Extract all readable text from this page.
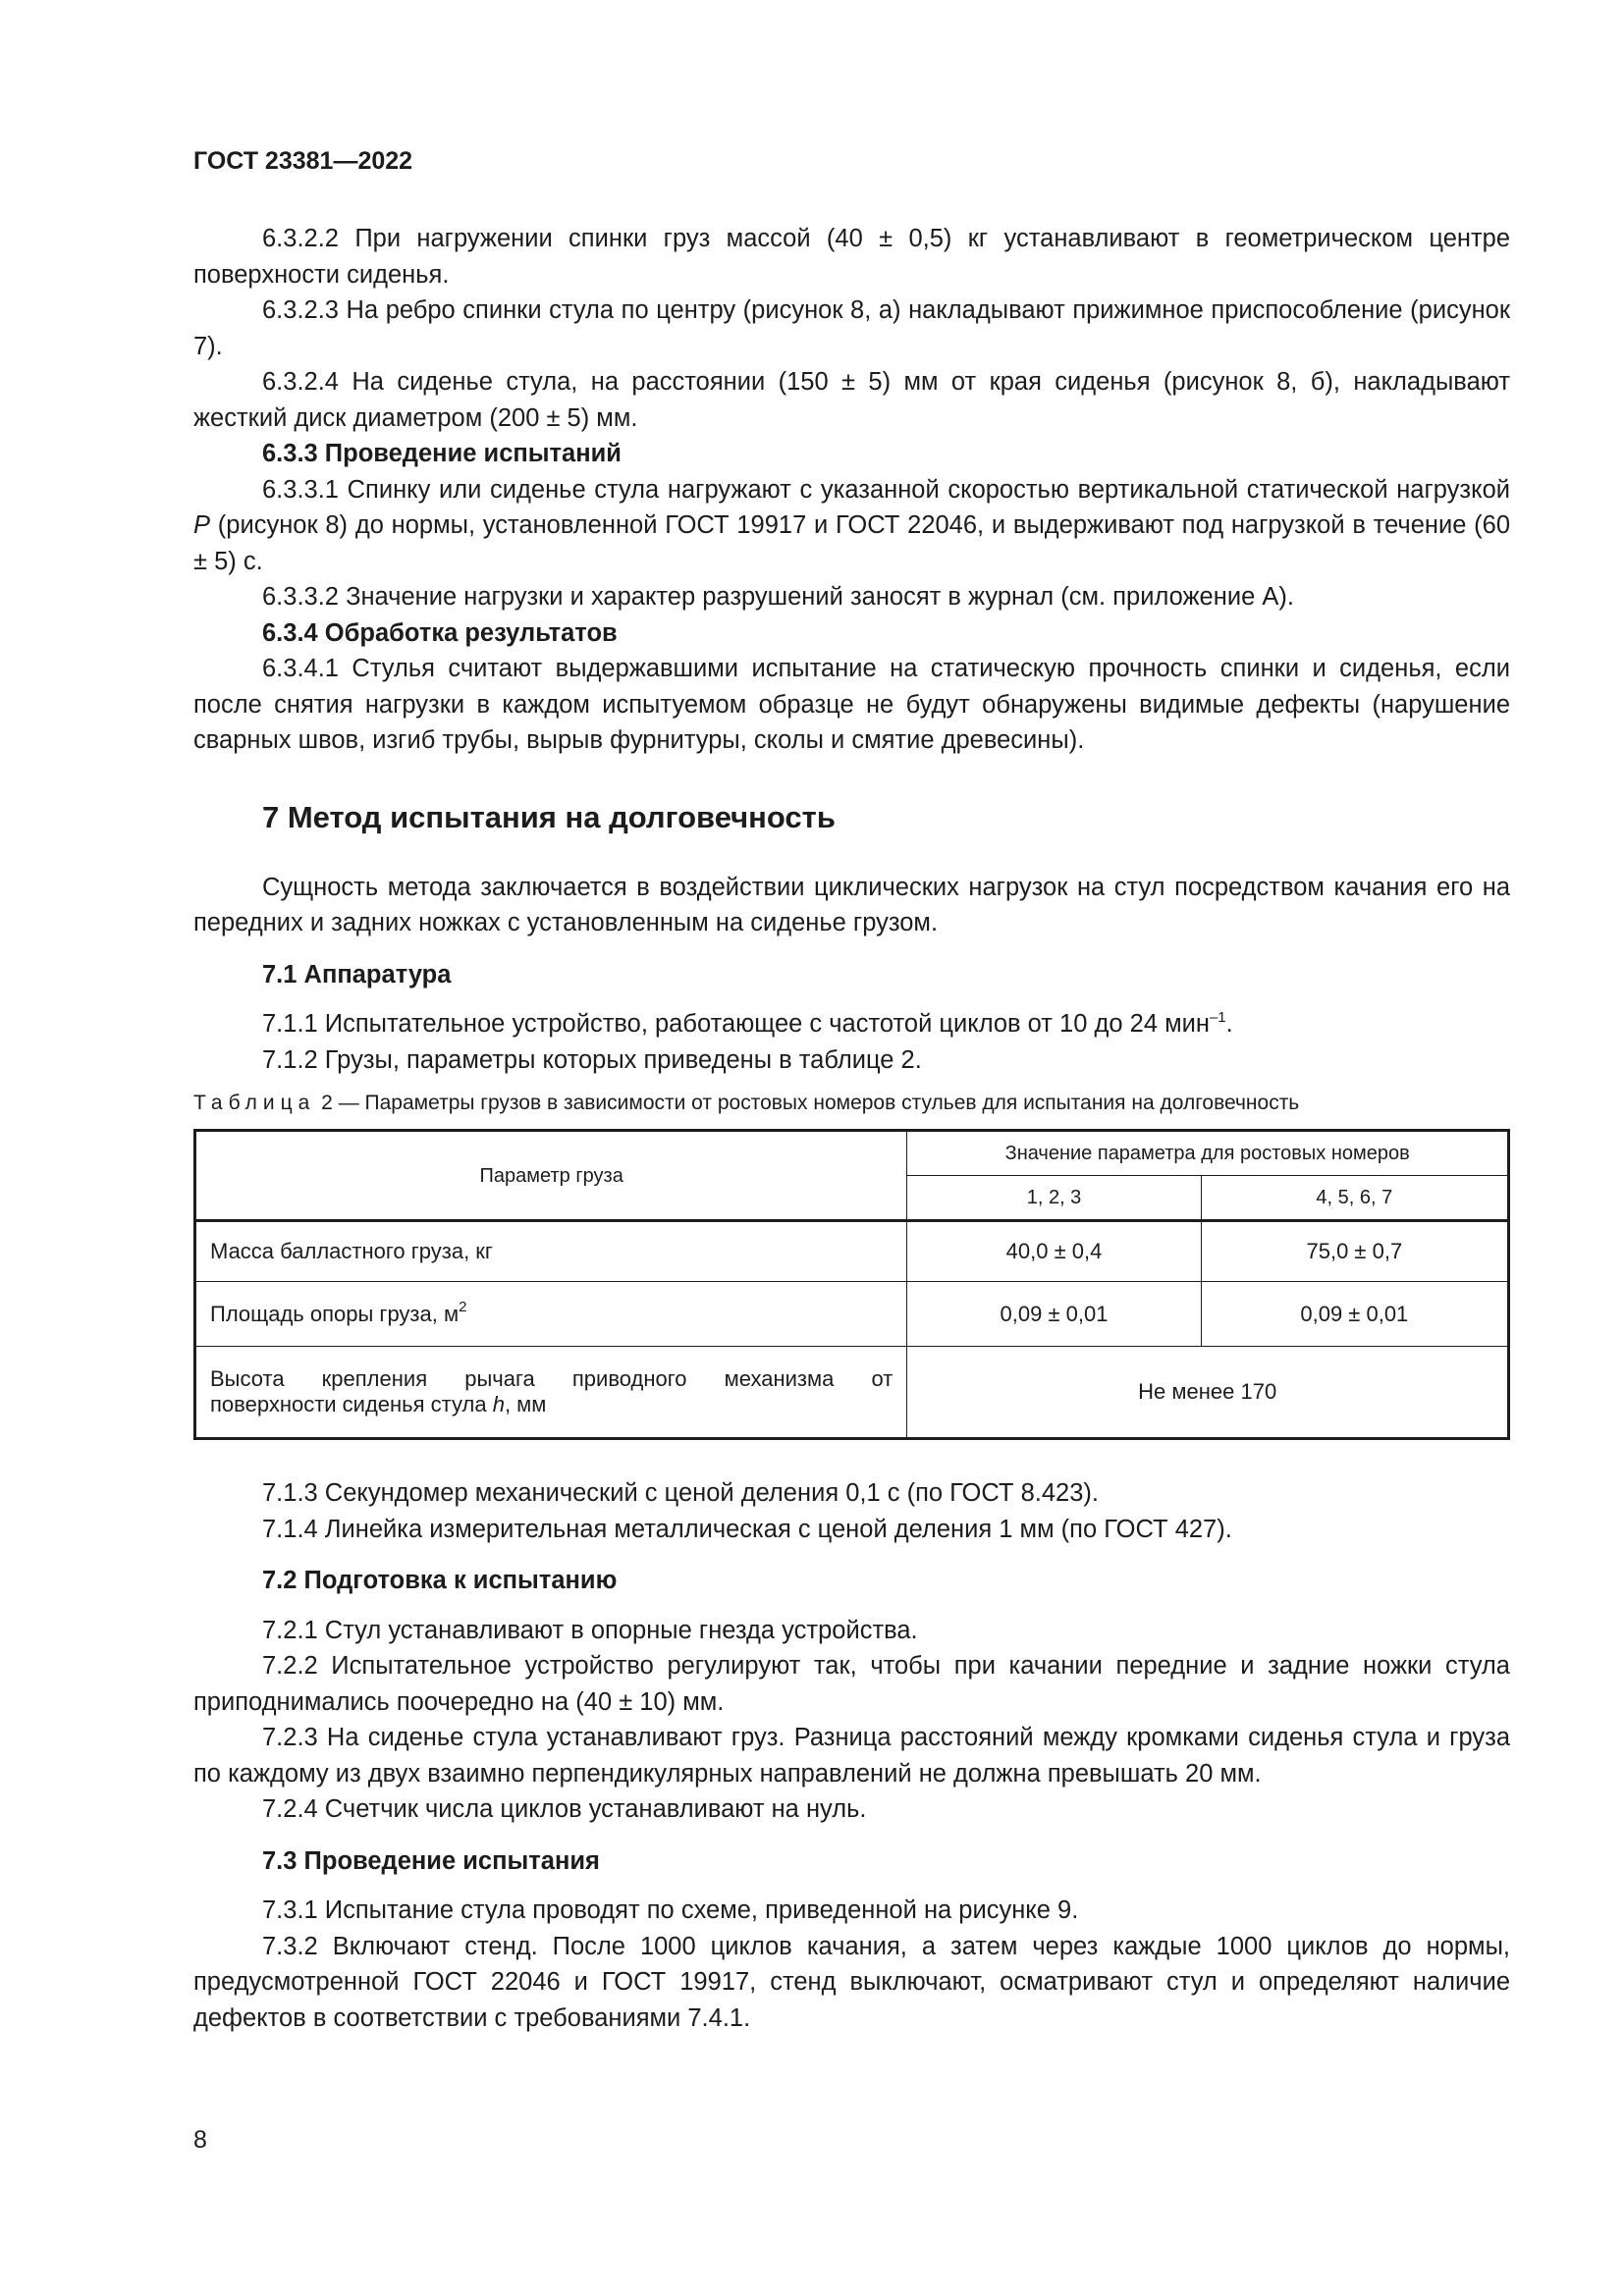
ГОСТ 23381—2022

6.3.2.2 При нагружении спинки груз массой (40 ± 0,5) кг устанавливают в геометрическом центре поверхности сиденья.

6.3.2.3 На ребро спинки стула по центру (рисунок 8, а) накладывают прижимное приспособление (рисунок 7).

6.3.2.4 На сиденье стула, на расстоянии (150 ± 5) мм от края сиденья (рисунок 8, б), накладывают жесткий диск диаметром (200 ± 5) мм.

6.3.3 Проведение испытаний

6.3.3.1 Спинку или сиденье стула нагружают с указанной скоростью вертикальной статической нагрузкой P (рисунок 8) до нормы, установленной ГОСТ 19917 и ГОСТ 22046, и выдерживают под нагрузкой в течение (60 ± 5) с.

6.3.3.2 Значение нагрузки и характер разрушений заносят в журнал (см. приложение А).

6.3.4 Обработка результатов

6.3.4.1 Стулья считают выдержавшими испытание на статическую прочность спинки и сиденья, если после снятия нагрузки в каждом испытуемом образце не будут обнаружены видимые дефекты (нарушение сварных швов, изгиб трубы, вырыв фурнитуры, сколы и смятие древесины).

7 Метод испытания на долговечность

Сущность метода заключается в воздействии циклических нагрузок на стул посредством качания его на передних и задних ножках с установленным на сиденье грузом.

7.1 Аппаратура

7.1.1 Испытательное устройство, работающее с частотой циклов от 10 до 24 мин$^{-1}$.

7.1.2 Грузы, параметры которых приведены в таблице 2.

Таблица 2 — Параметры грузов в зависимости от ростовых номеров стульев для испытания на долговечность
Параметр груза	Значение параметра для ростовых номеров	
	1, 2, 3	4, 5, 6, 7
Масса балластного груза, кг	40,0 ± 0,4	75,0 ± 0,7
Площадь опоры груза, $м^2$	0,09 ± 0,01	0,09 ± 0,01

Высота крепления рычага приводного механизма от
поверхности сиденья стула h, мм	Не менее 170	

7.1.3 Секундомер механический с ценой деления 0,1 с (по ГОСТ 8.423).

7.1.4 Линейка измерительная металлическая с ценой деления 1 мм (по ГОСТ 427).

7.2 Подготовка к испытанию

7.2.1 Стул устанавливают в опорные гнезда устройства.

7.2.2 Испытательное устройство регулируют так, чтобы при качании передние и задние ножки стула приподнимались поочередно на (40 ± 10) мм.

7.2.3 На сиденье стула устанавливают груз. Разница расстояний между кромками сиденья стула и груза по каждому из двух взаимно перпендикулярных направлений не должна превышать 20 мм.

7.2.4 Счетчик числа циклов устанавливают на нуль.

7.3 Проведение испытания

7.3.1 Испытание стула проводят по схеме, приведенной на рисунке 9.

7.3.2 Включают стенд. После 1000 циклов качания, а затем через каждые 1000 циклов до нормы, предусмотренной ГОСТ 22046 и ГОСТ 19917, стенд выключают, осматривают стул и определяют наличие дефектов в соответствии с требованиями 7.4.1.

8
